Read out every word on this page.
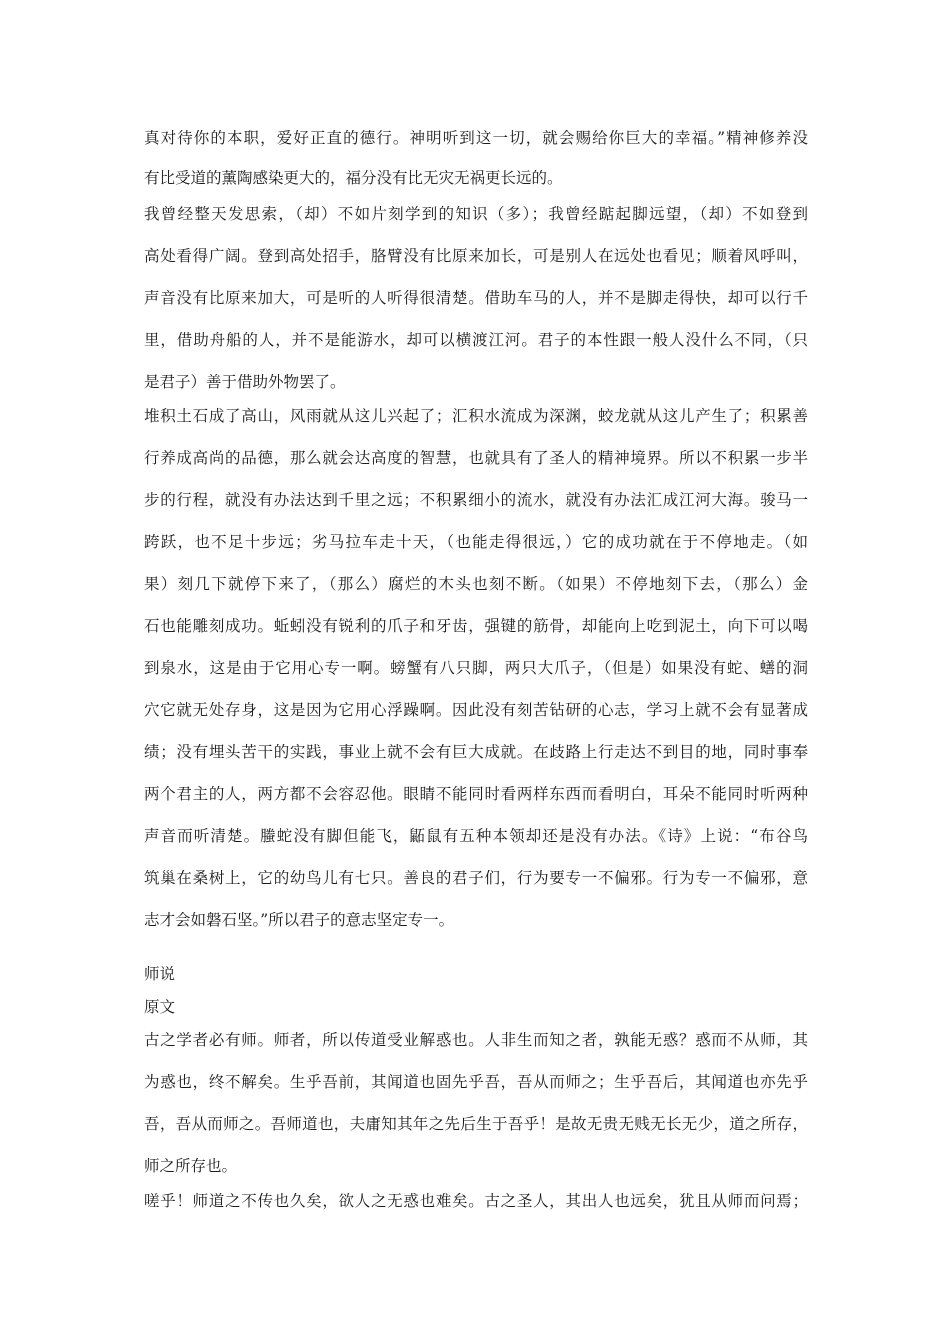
真对待你的本职，爱好正直的德行。神明听到这一切，就会赐给你巨大的幸福。”精神修养没

有比受道的薰陶感染更大的，福分没有比无灾无祸更长远的。

我曾经整天发思索，（却）不如片刻学到的知识（多）；我曾经踮起脚远望，（却）不如登到

高处看得广阔。登到高处招手，胳臂没有比原来加长，可是别人在远处也看见；顺着风呼叫，

声音没有比原来加大，可是听的人听得很清楚。借助车马的人，并不是脚走得快，却可以行千

里，借助舟船的人，并不是能游水，却可以横渡江河。君子的本性跟一般人没什么不同，（只

是君子）善于借助外物罢了。

堆积土石成了高山，风雨就从这儿兴起了；汇积水流成为深渊，蛟龙就从这儿产生了；积累善

行养成高尚的品德，那么就会达高度的智慧，也就具有了圣人的精神境界。所以不积累一步半

步的行程，就没有办法达到千里之远；不积累细小的流水，就没有办法汇成江河大海。骏马一

跨跃，也不足十步远；劣马拉车走十天，（也能走得很远，）它的成功就在于不停地走。（如

果）刻几下就停下来了，（那么）腐烂的木头也刻不断。（如果）不停地刻下去，（那么）金

石也能雕刻成功。蚯蚓没有锐利的爪子和牙齿，强键的筋骨，却能向上吃到泥土，向下可以喝

到泉水，这是由于它用心专一啊。螃蟹有八只脚，两只大爪子，（但是）如果没有蛇、蟮的洞

穴它就无处存身，这是因为它用心浮躁啊。因此没有刻苦钻研的心志，学习上就不会有显著成

绩；没有埋头苦干的实践，事业上就不会有巨大成就。在歧路上行走达不到目的地，同时事奉

两个君主的人，两方都不会容忍他。眼睛不能同时看两样东西而看明白，耳朵不能同时听两种

声音而听清楚。螣蛇没有脚但能飞，鼫鼠有五种本领却还是没有办法。《诗》上说：“布谷鸟

筑巢在桑树上，它的幼鸟儿有七只。善良的君子们，行为要专一不偏邪。行为专一不偏邪，意

志才会如磐石坚。”所以君子的意志坚定专一。

师说

原文

古之学者必有师。师者，所以传道受业解惑也。人非生而知之者，孰能无惑？惑而不从师，其

为惑也，终不解矣。生乎吾前，其闻道也固先乎吾，吾从而师之；生乎吾后，其闻道也亦先乎

吾，吾从而师之。吾师道也，夫庸知其年之先后生于吾乎！是故无贵无贱无长无少，道之所存，

师之所存也。

嗟乎！师道之不传也久矣，欲人之无惑也难矣。古之圣人，其出人也远矣，犹且从师而问焉；
